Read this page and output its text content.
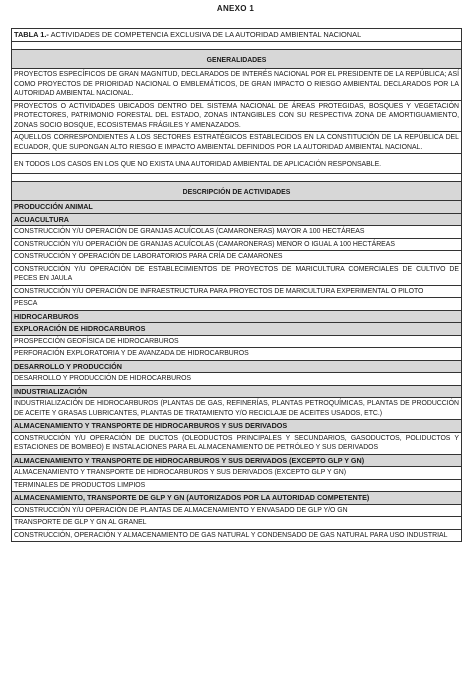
ANEXO 1
TABLA 1.- ACTIVIDADES DE COMPETENCIA EXCLUSIVA DE LA AUTORIDAD AMBIENTAL NACIONAL
GENERALIDADES
PROYECTOS ESPECÍFICOS DE GRAN MAGNITUD, DECLARADOS DE INTERÉS NACIONAL POR EL PRESIDENTE DE LA REPÚBLICA; ASÍ COMO PROYECTOS DE PRIORIDAD NACIONAL O EMBLEMÁTICOS, DE GRAN IMPACTO O RIESGO AMBIENTAL DECLARADOS POR LA AUTORIDAD AMBIENTAL NACIONAL.
PROYECTOS O ACTIVIDADES UBICADOS DENTRO DEL SISTEMA NACIONAL DE ÁREAS PROTEGIDAS, BOSQUES Y VEGETACIÓN PROTECTORES, PATRIMONIO FORESTAL DEL ESTADO, ZONAS INTANGIBLES CON SU RESPECTIVA ZONA DE AMORTIGUAMIENTO, ZONAS SOCIO BOSQUE, ECOSISTEMAS FRÁGILES Y AMENAZADOS.
AQUELLOS CORRESPONDIENTES A LOS SECTORES ESTRATÉGICOS ESTABLECIDOS EN LA CONSTITUCIÓN DE LA REPÚBLICA DEL ECUADOR, QUE SUPONGAN ALTO RIESGO E IMPACTO AMBIENTAL DEFINIDOS POR LA AUTORIDAD AMBIENTAL NACIONAL.
EN TODOS LOS CASOS EN LOS QUE NO EXISTA UNA AUTORIDAD AMBIENTAL DE APLICACIÓN RESPONSABLE.
DESCRIPCIÓN DE ACTIVIDADES
PRODUCCIÓN ANIMAL
ACUACULTURA
CONSTRUCCIÓN Y/U OPERACIÓN DE GRANJAS ACUÍCOLAS (CAMARONERAS) MAYOR A 100 HECTÁREAS
CONSTRUCCIÓN Y/U OPERACIÓN DE GRANJAS ACUÍCOLAS (CAMARONERAS) MENOR O IGUAL A 100 HECTÁREAS
CONSTRUCCIÓN Y OPERACIÓN DE LABORATORIOS PARA CRÍA DE CAMARONES
CONSTRUCCIÓN Y/U OPERACIÓN DE ESTABLECIMIENTOS DE PROYECTOS DE MARICULTURA COMERCIALES DE CULTIVO DE PECES EN JAULA
CONSTRUCCIÓN Y/U OPERACIÓN DE INFRAESTRUCTURA PARA PROYECTOS DE MARICULTURA EXPERIMENTAL O PILOTO
PESCA
HIDROCARBUROS
EXPLORACIÓN DE HIDROCARBUROS
PROSPECCIÓN GEOFÍSICA DE HIDROCARBUROS
PERFORACIÓN EXPLORATORIA Y DE AVANZADA DE HIDROCARBUROS
DESARROLLO Y PRODUCCIÓN
DESARROLLO Y PRODUCCIÓN DE HIDROCARBUROS
INDUSTRIALIZACIÓN
INDUSTRIALIZACIÓN DE HIDROCARBUROS (PLANTAS DE GAS, REFINERÍAS, PLANTAS PETROQUÍMICAS, PLANTAS DE PRODUCCIÓN DE ACEITE Y GRASAS LUBRICANTES, PLANTAS DE TRATAMIENTO Y/O RECICLAJE DE ACEITES USADOS, ETC.)
ALMACENAMIENTO Y TRANSPORTE DE HIDROCARBUROS Y SUS DERIVADOS
CONSTRUCCIÓN Y/U OPERACIÓN DE DUCTOS (OLEODUCTOS PRINCIPALES Y SECUNDARIOS, GASODUCTOS, POLIDUCTOS Y ESTACIONES DE BOMBEO) E INSTALACIONES PARA EL ALMACENAMIENTO DE PETRÓLEO Y SUS DERIVADOS
ALMACENAMIENTO Y TRANSPORTE DE HIDROCARBUROS Y SUS DERIVADOS (EXCEPTO GLP Y GN)
ALMACENAMIENTO Y TRANSPORTE DE HIDROCARBUROS Y SUS DERIVADOS (EXCEPTO GLP Y GN)
TERMINALES DE PRODUCTOS LIMPIOS
ALMACENAMIENTO, TRANSPORTE DE GLP Y GN (AUTORIZADOS POR LA AUTORIDAD COMPETENTE)
CONSTRUCCIÓN Y/U OPERACIÓN DE PLANTAS DE ALMACENAMIENTO Y ENVASADO DE GLP Y/O GN
TRANSPORTE DE GLP Y GN AL GRANEL
CONSTRUCCIÓN, OPERACIÓN Y ALMACENAMIENTO DE GAS NATURAL Y CONDENSADO DE GAS NATURAL PARA USO INDUSTRIAL
